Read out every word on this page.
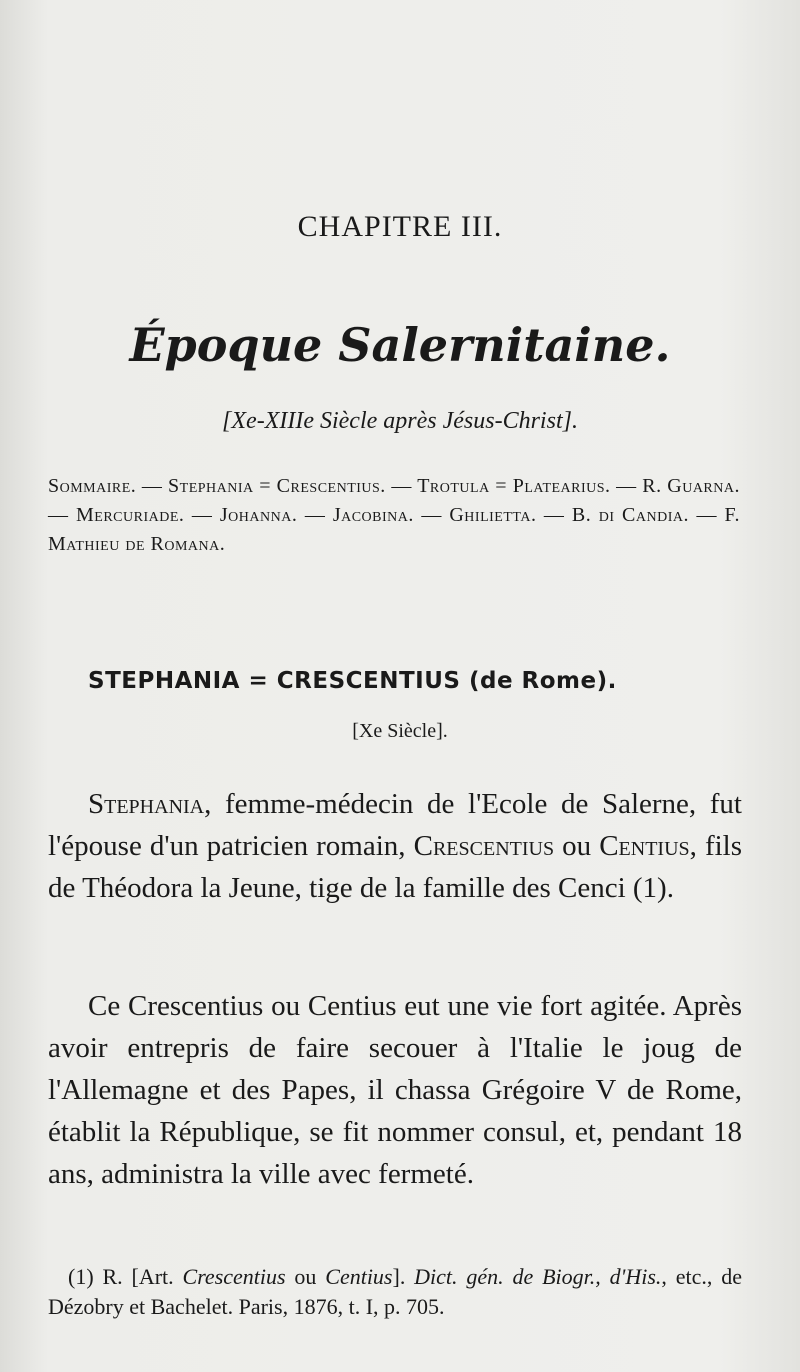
CHAPITRE III.
Époque Salernitaine.
[Xe-XIIIe Siècle après Jésus-Christ].
Sommaire. — Stephania = Crescentius. — Trotula = Platearius. — R. Guarna. — Mercuriade. — Johanna. — Jacobina. — Ghilietta. — B. di Candia. — F. Mathieu de Romana.
STEPHANIA = CRESCENTIUS (de Rome).
[Xe Siècle].
Stephania, femme-médecin de l'Ecole de Salerne, fut l'épouse d'un patricien romain, Crescentius ou Centius, fils de Théodora la Jeune, tige de la famille des Cenci (1).
Ce Crescentius ou Centius eut une vie fort agitée. Après avoir entrepris de faire secouer à l'Italie le joug de l'Allemagne et des Papes, il chassa Grégoire V de Rome, établit la République, se fit nommer consul, et, pendant 18 ans, administra la ville avec fermeté.
(1) R. [Art. Crescentius ou Centius]. Dict. gén. de Biogr., d'His., etc., de Dézobry et Bachelet. Paris, 1876, t. I, p. 705.
